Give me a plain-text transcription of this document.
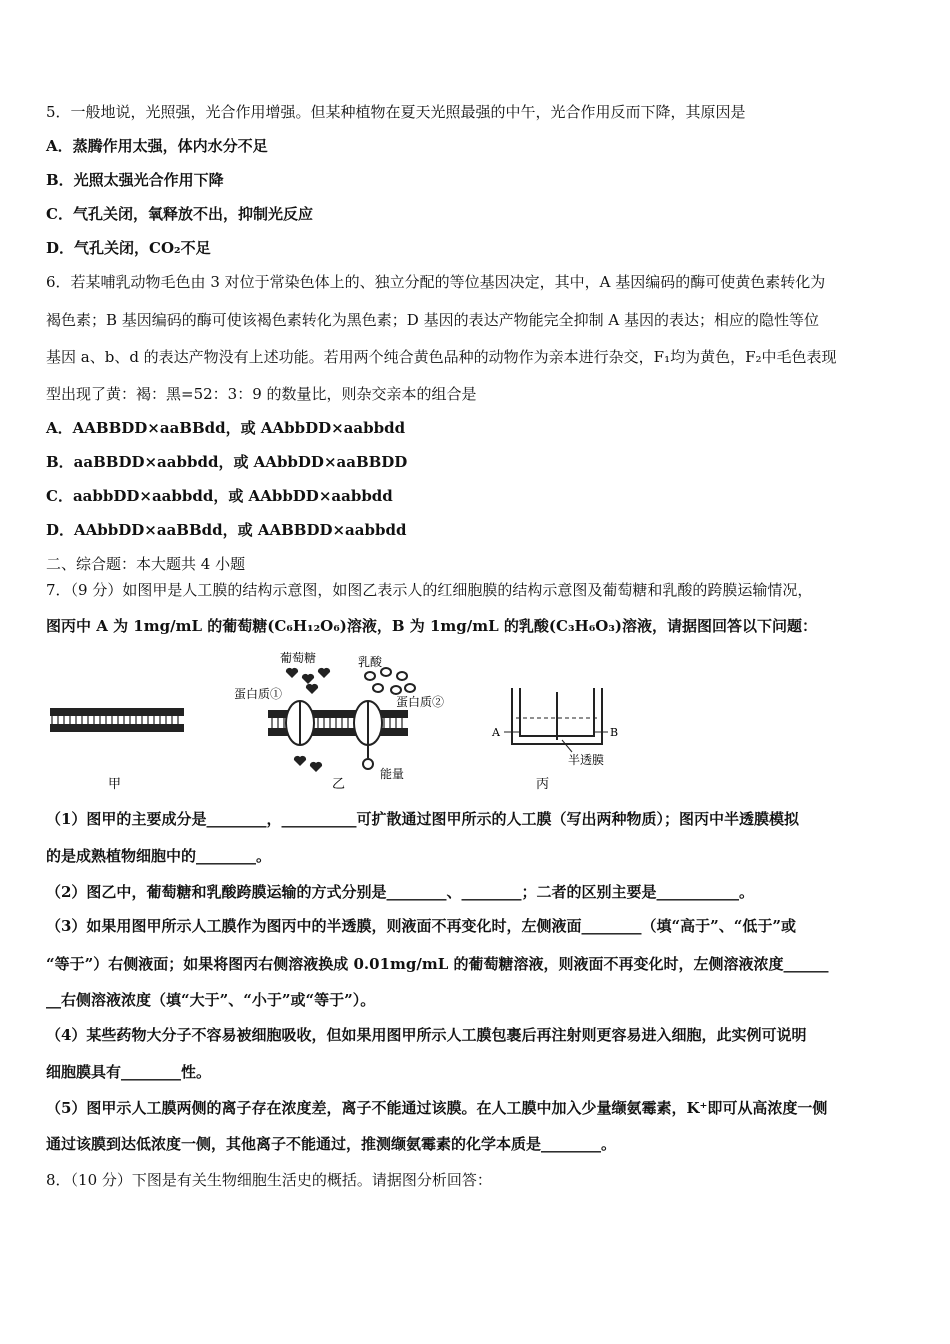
5．一般地说，光照强，光合作用增强。但某种植物在夏天光照最强的中午，光合作用反而下降，其原因是
A．蒸腾作用太强，体内水分不足
B．光照太强光合作用下降
C．气孔关闭，氧释放不出，抑制光反应
D．气孔关闭，CO₂不足
6．若某哺乳动物毛色由 3 对位于常染色体上的、独立分配的等位基因决定，其中，A 基因编码的酶可使黄色素转化为
褐色素；B 基因编码的酶可使该褐色素转化为黑色素；D 基因的表达产物能完全抑制 A 基因的表达；相应的隐性等位
基因 a、b、d 的表达产物没有上述功能。若用两个纯合黄色品种的动物作为亲本进行杂交，F₁均为黄色，F₂中毛色表现
型出现了黄：褐：黑=52：3：9 的数量比，则杂交亲本的组合是
A．AABBDD×aaBBdd，或 AAbbDD×aabbdd
B．aaBBDD×aabbdd，或 AAbbDD×aaBBDD
C．aabbDD×aabbdd，或 AAbbDD×aabbdd
D．AAbbDD×aaBBdd，或 AABBDD×aabbdd
二、综合题：本大题共 4 小题
7．（9 分）如图甲是人工膜的结构示意图，如图乙表示人的红细胞膜的结构示意图及葡萄糖和乳酸的跨膜运输情况，
图丙中 A 为 1mg/mL 的葡萄糖(C₆H₁₂O₆)溶液，B 为 1mg/mL 的乳酸(C₃H₆O₃)溶液，请据图回答以下问题：
甲
葡萄糖	乳酸
蛋白质①
蛋白质②
能量
乙
A	B
半透膜
丙
（1）图甲的主要成分是________，__________可扩散通过图甲所示的人工膜（写出两种物质）；图丙中半透膜模拟
的是成熟植物细胞中的________。
（2）图乙中，葡萄糖和乳酸跨膜运输的方式分别是________、________；二者的区别主要是___________。
（3）如果用图甲所示人工膜作为图丙中的半透膜，则液面不再变化时，左侧液面________（填“高于”、“低于”或
“等于”）右侧液面；如果将图丙右侧溶液换成 0.01mg/mL 的葡萄糖溶液，则液面不再变化时，左侧溶液浓度______
__右侧溶液浓度（填“大于”、“小于”或“等于”）。
（4）某些药物大分子不容易被细胞吸收，但如果用图甲所示人工膜包裹后再注射则更容易进入细胞，此实例可说明
细胞膜具有________性。
（5）图甲示人工膜两侧的离子存在浓度差，离子不能通过该膜。在人工膜中加入少量缬氨霉素，K⁺即可从高浓度一侧
通过该膜到达低浓度一侧，其他离子不能通过，推测缬氨霉素的化学本质是________。
8．（10 分）下图是有关生物细胞生活史的概括。请据图分析回答：
